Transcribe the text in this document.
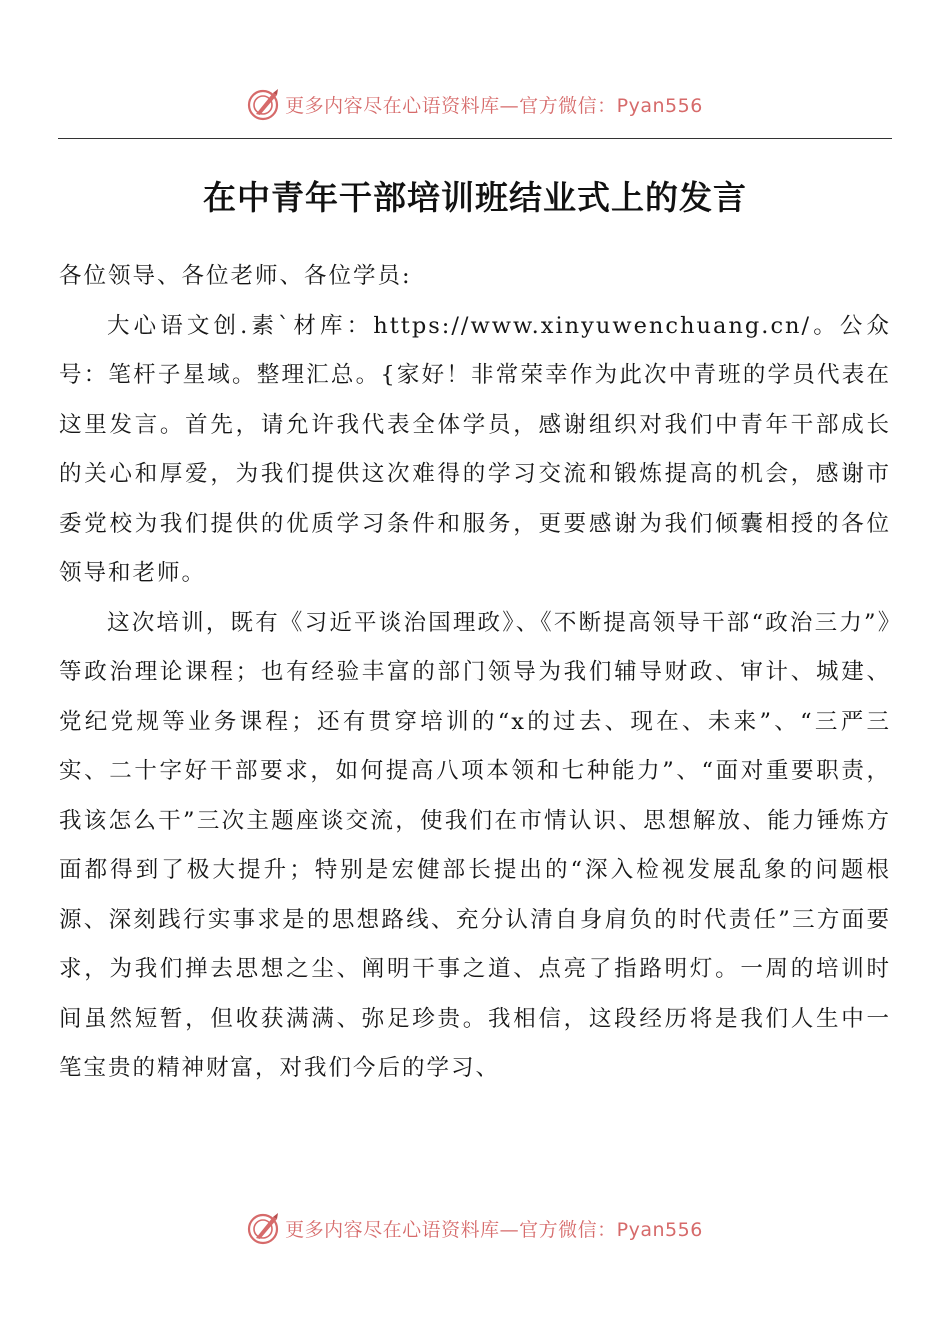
更多内容尽在心语资料库—官方微信：Pyan556
在中青年干部培训班结业式上的发言

各位领导、各位老师、各位学员:

大心语文创.素`材库：https://www.xinyuwenchuang.cn/。公众号：笔杆子星域。整理汇总。{家好！非常荣幸作为此次中青班的学员代表在这里发言。首先，请允许我代表全体学员，感谢组织对我们中青年干部成长的关心和厚爱，为我们提供这次难得的学习交流和锻炼提高的机会，感谢市委党校为我们提供的优质学习条件和服务，更要感谢为我们倾囊相授的各位领导和老师。

这次培训，既有《习近平谈治国理政》、《不断提高领导干部“政治三力”》等政治理论课程；也有经验丰富的部门领导为我们辅导财政、审计、城建、党纪党规等业务课程；还有贯穿培训的“x的过去、现在、未来”、“三严三实、二十字好干部要求，如何提高八项本领和七种能力”、“面对重要职责，我该怎么干”三次主题座谈交流，使我们在市情认识、思想解放、能力锤炼方面都得到了极大提升；特别是宏健部长提出的“深入检视发展乱象的问题根源、深刻践行实事求是的思想路线、充分认清自身肩负的时代责任”三方面要求，为我们掸去思想之尘、阐明干事之道、点亮了指路明灯。一周的培训时间虽然短暂，但收获满满、弥足珍贵。我相信，这段经历将是我们人生中一笔宝贵的精神财富，对我们今后的学习、

更多内容尽在心语资料库—官方微信：Pyan556
